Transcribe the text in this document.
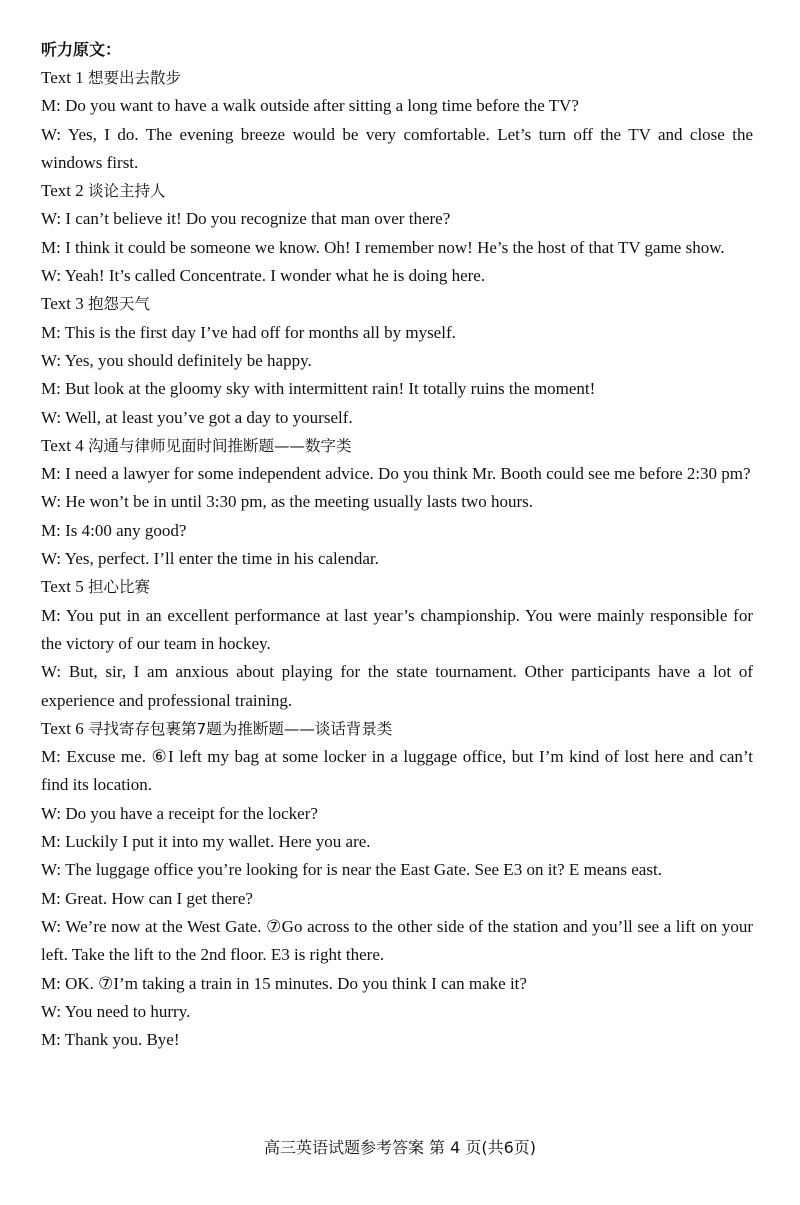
听力原文：

Text 1 想要出去散步

M: Do you want to have a walk outside after sitting a long time before the TV?

W: Yes, I do. The evening breeze would be very comfortable. Let’s turn off the TV and close the windows first.

Text 2 谈论主持人

W: I can’t believe it! Do you recognize that man over there?

M: I think it could be someone we know. Oh! I remember now! He’s the host of that TV game show.

W: Yeah! It’s called Concentrate. I wonder what he is doing here.

Text 3 抱怨天气

M: This is the first day I’ve had off for months all by myself.

W: Yes, you should definitely be happy.

M: But look at the gloomy sky with intermittent rain! It totally ruins the moment!

W: Well, at least you’ve got a day to yourself.

Text 4 沟通与律师见面时间推断题——数字类

M: I need a lawyer for some independent advice. Do you think Mr. Booth could see me before 2:30 pm?

W: He won’t be in until 3:30 pm, as the meeting usually lasts two hours.

M: Is 4:00 any good?

W: Yes, perfect. I’ll enter the time in his calendar.

Text 5 担心比赛

M: You put in an excellent performance at last year’s championship. You were mainly responsible for the victory of our team in hockey.

W: But, sir, I am anxious about playing for the state tournament. Other participants have a lot of experience and professional training.

Text 6 寻找寄存包裹第7题为推断题——谈话背景类

M: Excuse me. ⑥I left my bag at some locker in a luggage office, but I’m kind of lost here and can’t find its location.

W: Do you have a receipt for the locker?

M: Luckily I put it into my wallet. Here you are.

W: The luggage office you’re looking for is near the East Gate. See E3 on it? E means east.

M: Great. How can I get there?

W: We’re now at the West Gate. ⑦Go across to the other side of the station and you’ll see a lift on your left. Take the lift to the 2nd floor. E3 is right there.

M: OK. ⑦I’m taking a train in 15 minutes. Do you think I can make it?

W: You need to hurry.

M: Thank you. Bye!

高三英语试题参考答案 第 4 页(共6页)
